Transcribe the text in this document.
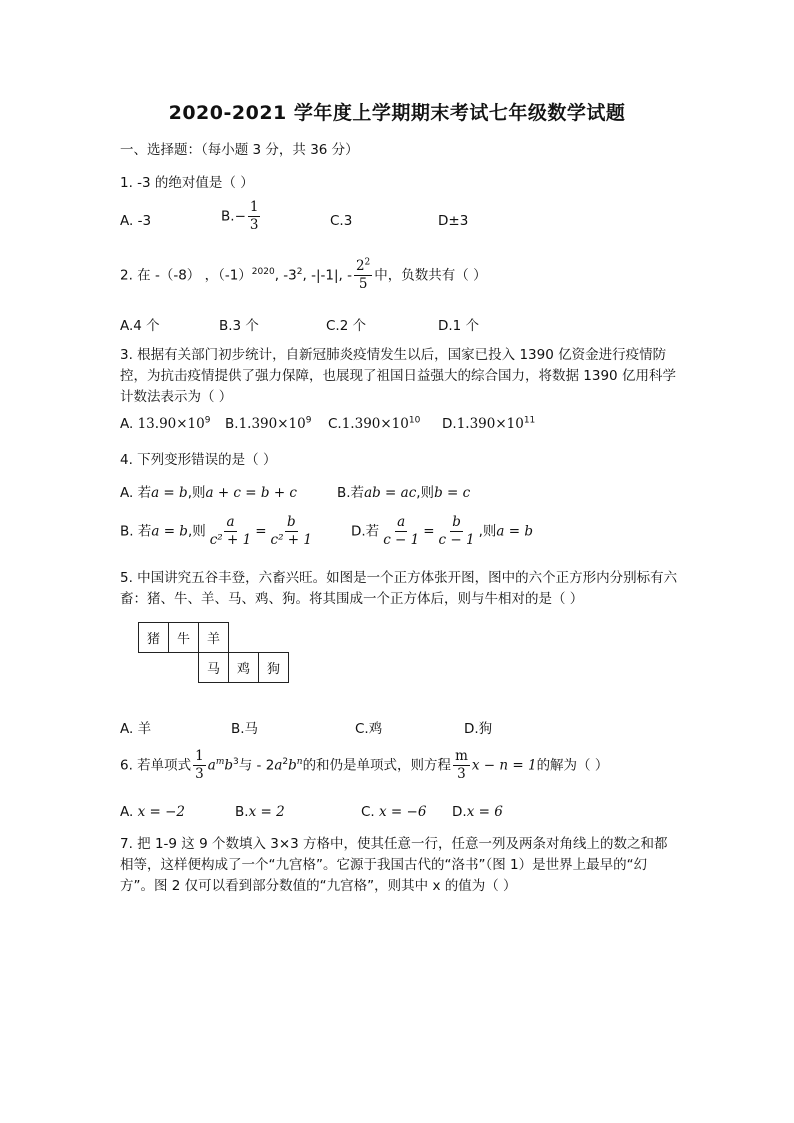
2020-2021 学年度上学期期末考试七年级数学试题
一、选择题：（每小题 3 分，共 36 分）
1. -3 的绝对值是（ ）
A. -3	$B.- \frac{1}{3}$	C.3	D±3
2. 在 -（-8） ，$(-1)^{2020}$, $-3^2$, -|-1|, - $\frac{2^2}{5}$ 中，负数共有（ ）
A.4 个	B.3 个	C.2 个	D.1 个
3. 根据有关部门初步统计，自新冠肺炎疫情发生以后，国家已投入 1390 亿资金进行疫情防控，为抗击疫情提供了强力保障，也展现了祖国日益强大的综合国力，将数据 1390 亿用科学计数法表示为（ ）
A. $13.90\times 10^9$ $B.1.390\times 10^9$ $C.1.390\times 10^{10}$ $D.1.390\times 10^{11}$
4. 下列变形错误的是（ ）
A. 若a = b,则a + c = b + c	B.若ab = ac,则b = c
B. 若a = b,则 $\frac{a}{\text{c² + 1}} = \frac{b}{\text{c² + 1}}$	D.若 $\frac{a}{c - 1} = \frac{b}{c - 1}$ ,则a = b
5. 中国讲究五谷丰登，六畜兴旺。如图是一个正方体张开图，图中的六个正方形内分别标有六畜：猪、牛、羊、马、鸡、狗。将其围成一个正方体后，则与牛相对的是（ ）
猪	牛	羊
马	鸡	狗
A. 羊	B.马	C.鸡	D.狗
6. 若单项式 $\frac{1}{3} a^mb^3$与 - $2a^2b^n$的和仍是单项式，则方程 $\frac{m}{3}$ x − n = 1的解为（ ）
A. x = −2	B.x = 2	C. x = −6 D.x = 6
7. 把 1-9 这 9 个数填入 3×3 方格中，使其任意一行，任意一列及两条对角线上的数之和都相等，这样便构成了一个“九宫格”。它源于我国古代的“洛书”（图 1）是世界上最早的“幻方”。图 2 仅可以看到部分数值的“九宫格”，则其中 x 的值为（ ）
